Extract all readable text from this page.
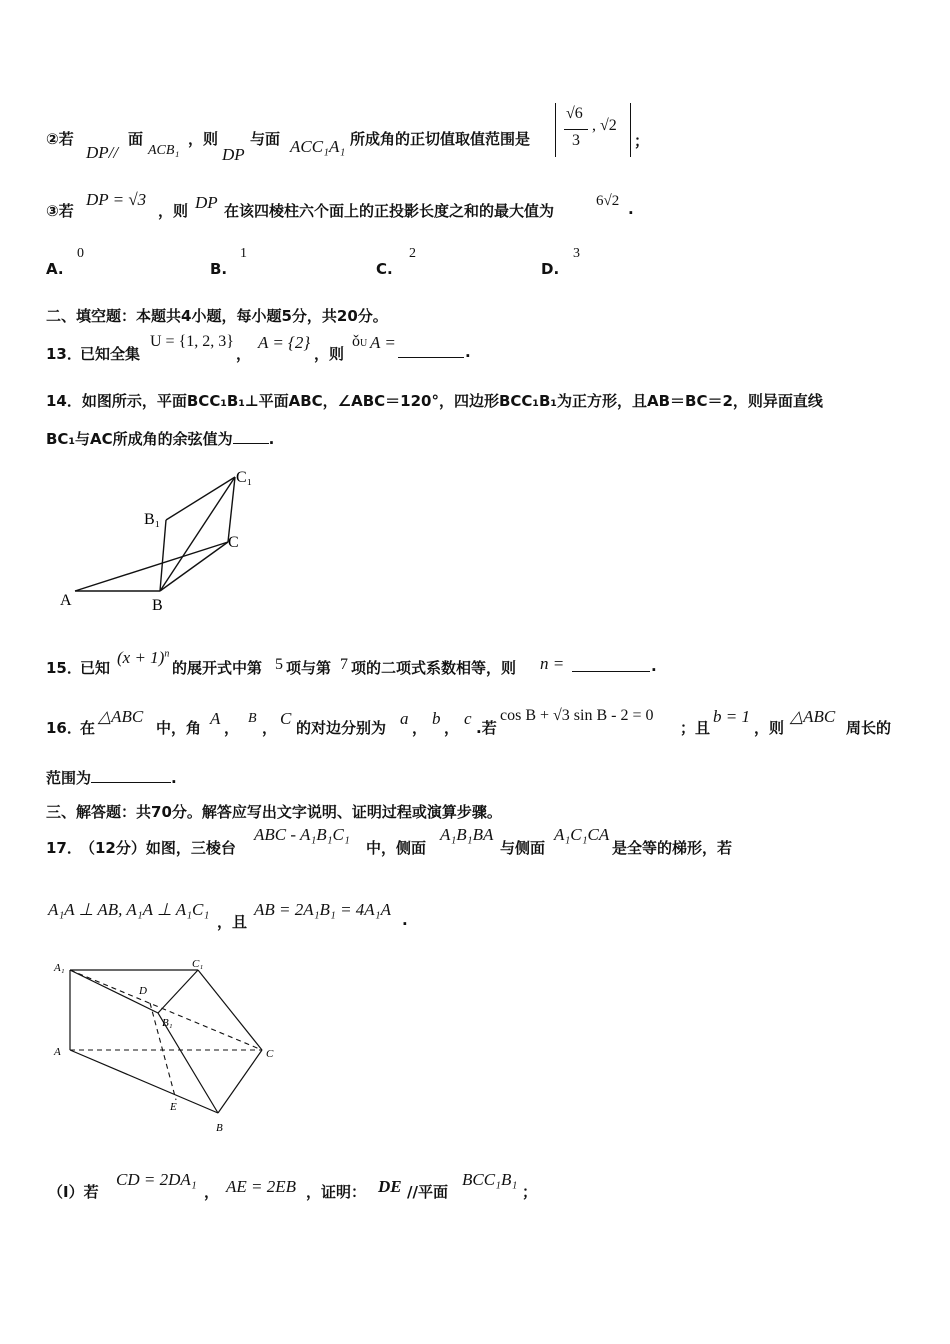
②若
DP//
面
ACB₁
，则
DP
与面 ACC₁A₁ 所成角的正切值取值范围是
√6
3
, √2
；
③若
DP = √3
，则 DP 在该四棱柱六个面上的正投影长度之和的最大值为
6√2 .
A.
0
B.
1
C.
2
D.
3
二、填空题：本题共4小题，每小题5分，共20分。
13．
已知全集
U = {1, 2, 3}
，
A = {2}
，则
ǒU A =	.
14．如图所示，平面BCC₁B₁⊥平面ABC，∠ABC＝120°，四边形BCC₁B₁为正方形，且AB＝BC＝2，则异面直线
BC₁与AC所成角的余弦值为 .
A	B
C
B₁
C₁
15．
已知
$(x + 1)^n$
的展开式中第 5 项与第 7 项的二项式系数相等，则 n =	.
16．
在
△ABC
中，角 A ，
B
， C 的对边分别为 a ， b ， c .若
cos B + √3 sin B - 2 = 0
；且
b = 1
，则
△ABC
周长的
范围为	.
三、解答题：共70分。解答应写出文字说明、证明过程或演算步骤。
17．
（12分）如图，三棱台
ABC - A₁B₁C₁
中，侧面
A₁B₁BA
与侧面
A₁C₁CA
是全等的梯形，若
A₁A ⊥ AB, A₁A ⊥ A₁C₁
，且
AB = 2A₁B₁ = 4A₁A
.
A₁	C₁
D
B₁
A	C
E
B
（I）若
CD = 2DA₁
， AE = 2EB ，证明： DE //平面
BCC₁B₁
；
